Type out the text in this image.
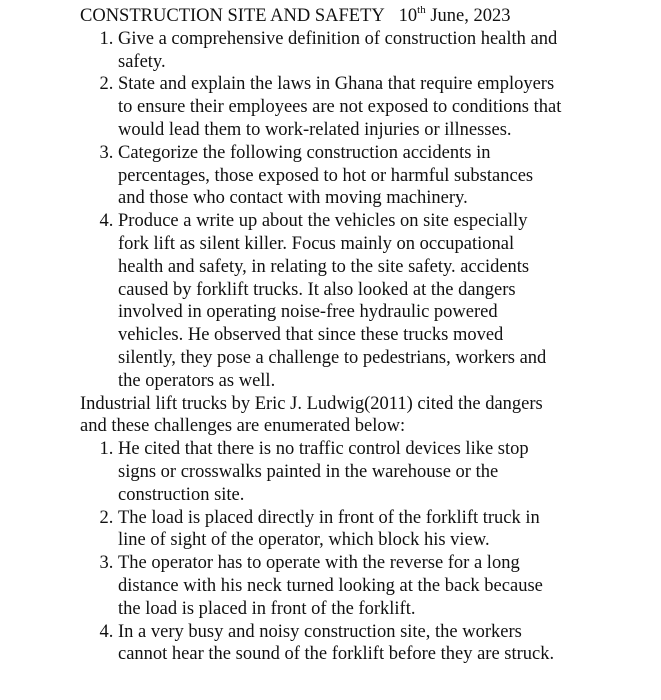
CONSTRUCTION SITE AND SAFETY 10th June, 2023

1. Give a comprehensive definition of construction health and
safety.
2. State and explain the laws in Ghana that require employers
to ensure their employees are not exposed to conditions that
would lead them to work-related injuries or illnesses.
3. Categorize the following construction accidents in
percentages, those exposed to hot or harmful substances
and those who contact with moving machinery.
4. Produce a write up about the vehicles on site especially
fork lift as silent killer. Focus mainly on occupational
health and safety, in relating to the site safety. accidents
caused by forklift trucks. It also looked at the dangers
involved in operating noise-free hydraulic powered
vehicles. He observed that since these trucks moved
silently, they pose a challenge to pedestrians, workers and
the operators as well.

Industrial lift trucks by Eric J. Ludwig(2011) cited the dangers
and these challenges are enumerated below:

1. He cited that there is no traffic control devices like stop
signs or crosswalks painted in the warehouse or the
construction site.
2. The load is placed directly in front of the forklift truck in
line of sight of the operator, which block his view.
3. The operator has to operate with the reverse for a long
distance with his neck turned looking at the back because
the load is placed in front of the forklift.
4. In a very busy and noisy construction site, the workers
cannot hear the sound of the forklift before they are struck.
